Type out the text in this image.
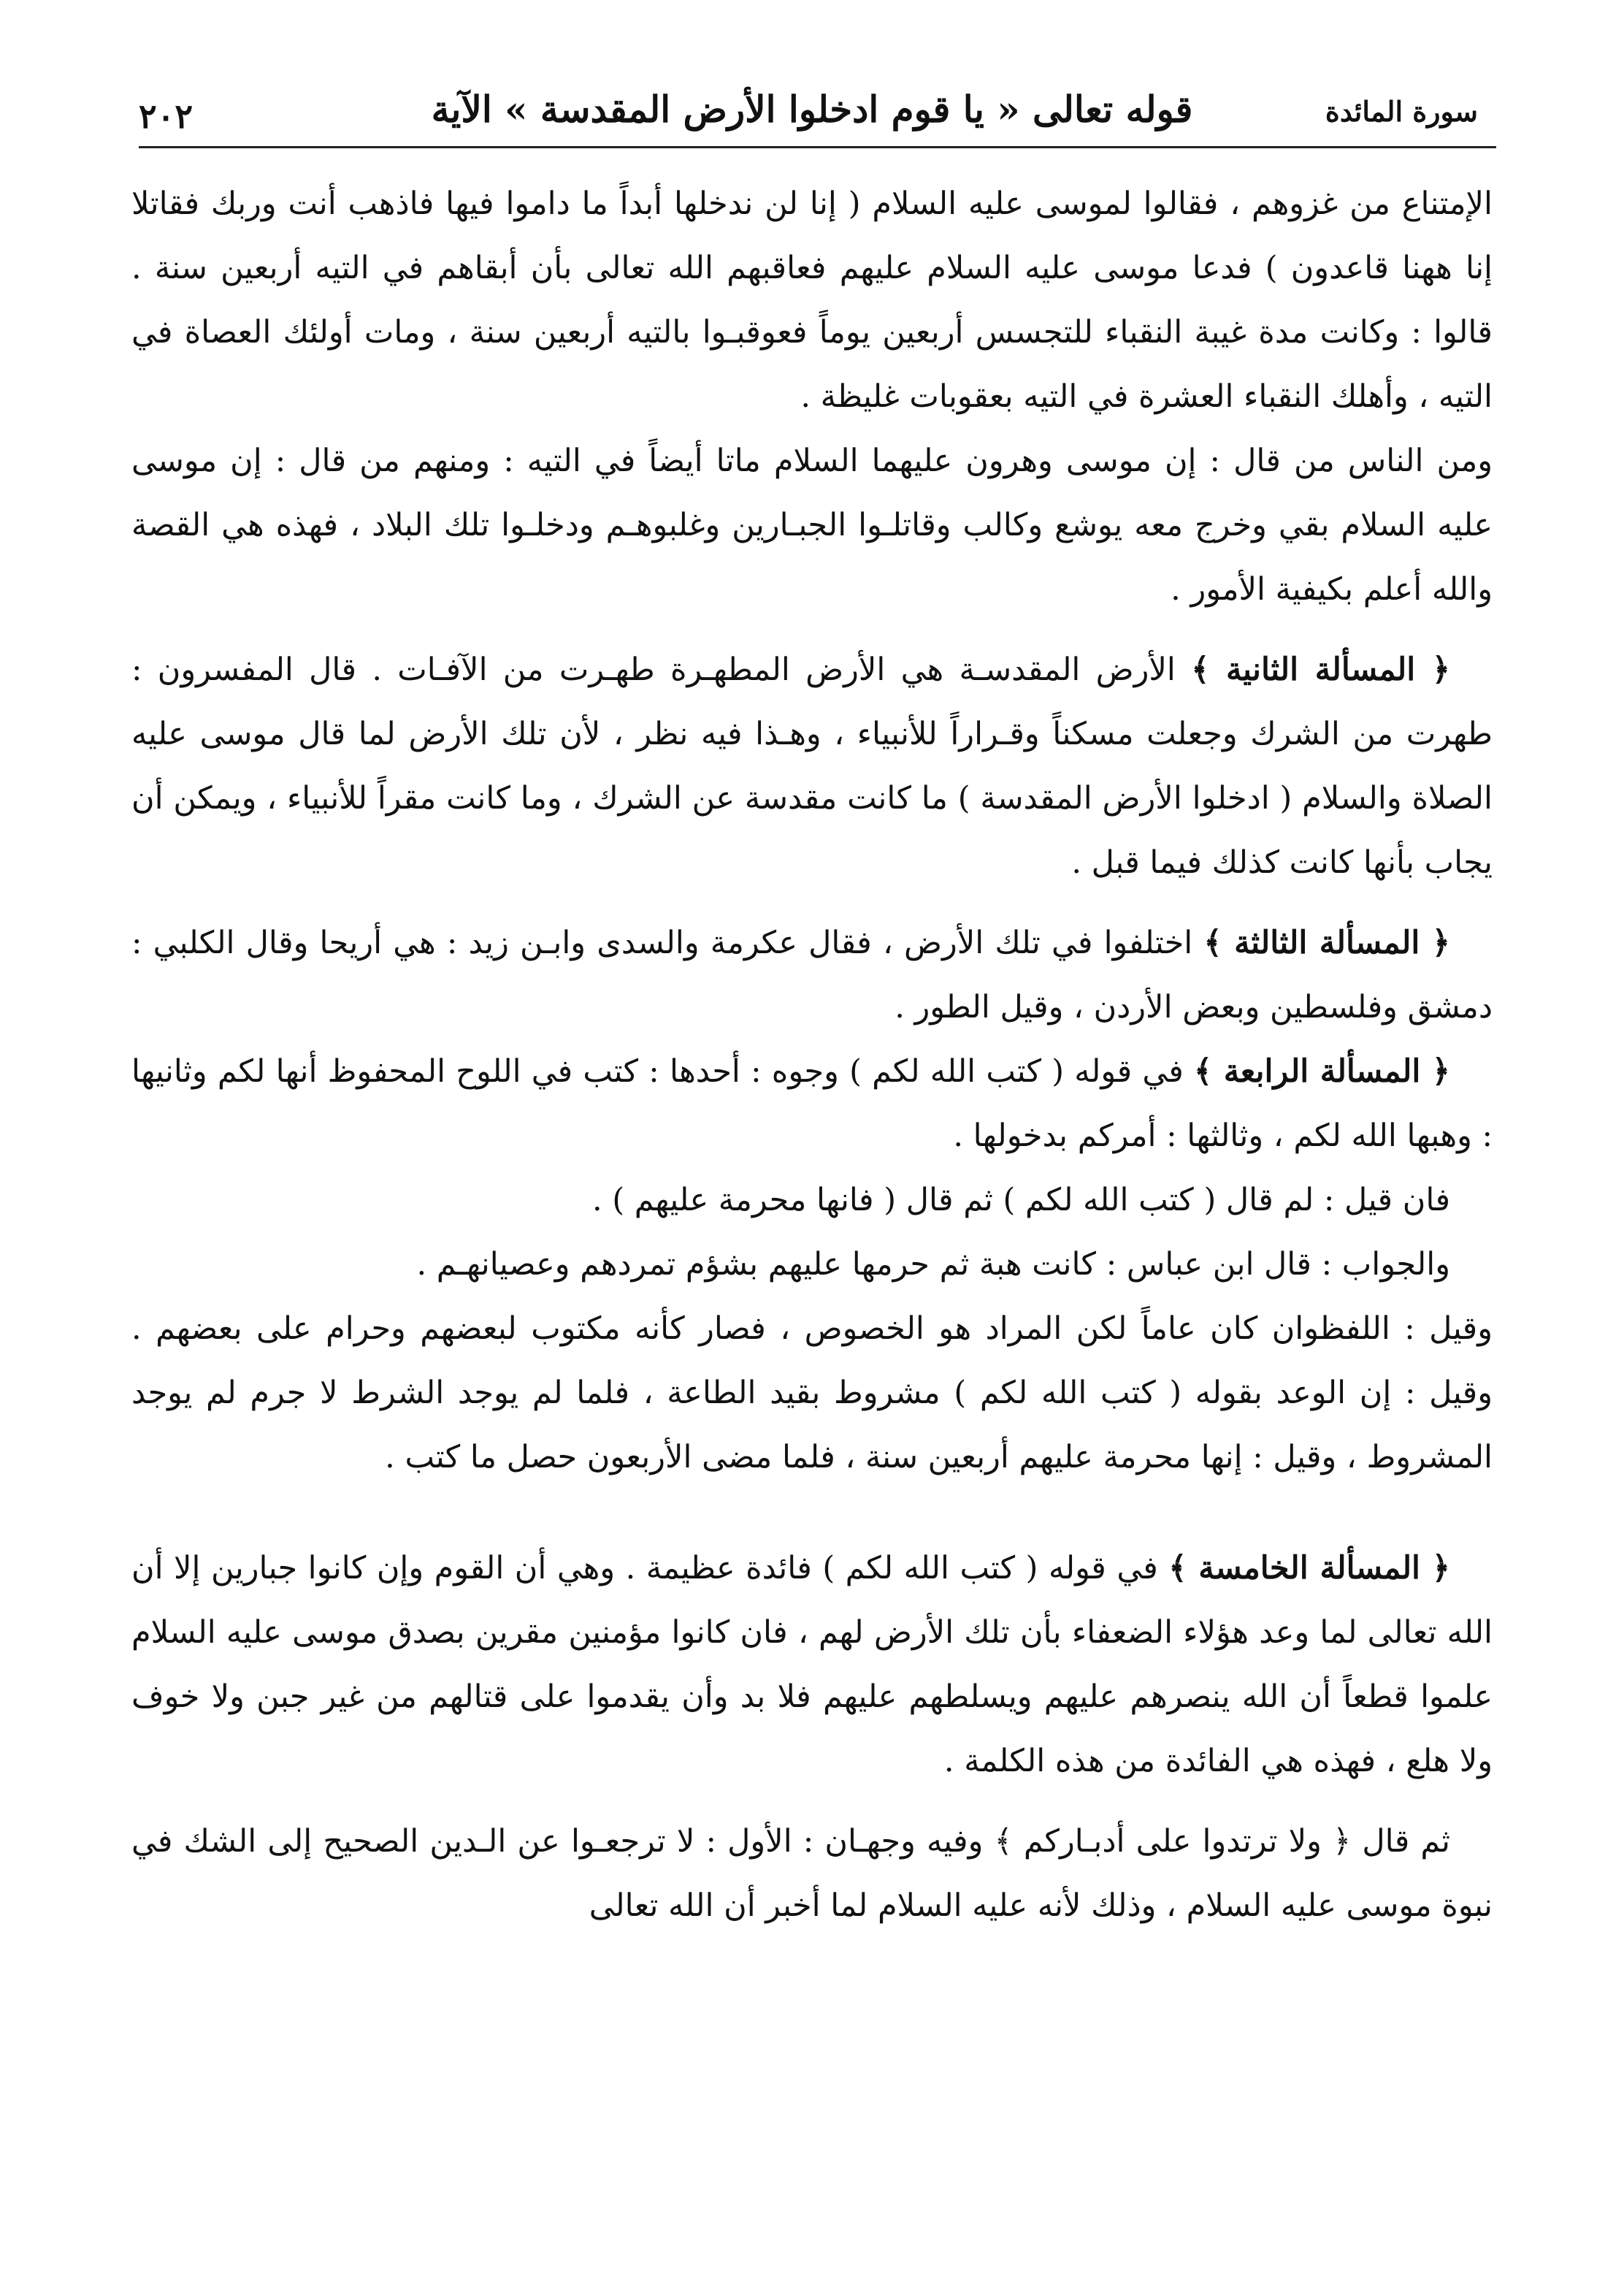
٢٠٢	قوله تعالى « يا قوم ادخلوا الأرض المقدسة » الآية	سورة المائدة

الإمتناع من غزوهم ، فقالوا لموسى عليه السلام ( إنا لن ندخلها أبداً ما داموا فيها فاذهب أنت وربك فقاتلا إنا ههنا قاعدون ) فدعا موسى عليه السلام عليهم فعاقبهم الله تعالى بأن أبقاهم في التيه أربعين سنة . قالوا : وكانت مدة غيبة النقباء للتجسس أربعين يوماً فعوقبـوا بالتيه أربعين سنة ، ومات أولئك العصاة في التيه ، وأهلك النقباء العشرة في التيه بعقوبات غليظة .

ومن الناس من قال : إن موسى وهرون عليهما السلام ماتا أيضاً في التيه : ومنهم من قال : إن موسى عليه السلام بقي وخرج معه يوشع وكالب وقاتلـوا الجبـارين وغلبوهـم ودخلـوا تلك البلاد ، فهذه هي القصة والله أعلم بكيفية الأمور .

﴿ المسألة الثانية ﴾ الأرض المقدسـة هي الأرض المطهـرة طهـرت من الآفـات . قال المفسرون : طهرت من الشرك وجعلت مسكناً وقـراراً للأنبياء ، وهـذا فيه نظر ، لأن تلك الأرض لما قال موسى عليه الصلاة والسلام ( ادخلوا الأرض المقدسة ) ما كانت مقدسة عن الشرك ، وما كانت مقراً للأنبياء ، ويمكن أن يجاب بأنها كانت كذلك فيما قبل .

﴿ المسألة الثالثة ﴾ اختلفوا في تلك الأرض ، فقال عكرمة والسدى وابـن زيد : هي أريحا وقال الكلبي : دمشق وفلسطين وبعض الأردن ، وقيل الطور .

﴿ المسألة الرابعة ﴾ في قوله ( كتب الله لكم ) وجوه : أحدها : كتب في اللوح المحفوظ أنها لكم وثانيها : وهبها الله لكم ، وثالثها : أمركم بدخولها .

فان قيل : لم قال ( كتب الله لكم ) ثم قال ( فانها محرمة عليهم ) .

والجواب : قال ابن عباس : كانت هبة ثم حرمها عليهم بشؤم تمردهم وعصيانهـم .

وقيل : اللفظوان كان عاماً لكن المراد هو الخصوص ، فصار كأنه مكتوب لبعضهم وحرام على بعضهم . وقيل : إن الوعد بقوله ( كتب الله لكم ) مشروط بقيد الطاعة ، فلما لم يوجد الشرط لا جرم لم يوجد المشروط ، وقيل : إنها محرمة عليهم أربعين سنة ، فلما مضى الأربعون حصل ما كتب .

﴿ المسألة الخامسة ﴾ في قوله ( كتب الله لكم ) فائدة عظيمة . وهي أن القوم وإن كانوا جبارين إلا أن الله تعالى لما وعد هؤلاء الضعفاء بأن تلك الأرض لهم ، فان كانوا مؤمنين مقرين بصدق موسى عليه السلام علموا قطعاً أن الله ينصرهم عليهم ويسلطهم عليهم فلا بد وأن يقدموا على قتالهم من غير جبن ولا خوف ولا هلع ، فهذه هي الفائدة من هذه الكلمة .

ثم قال ﴿ ولا ترتدوا على أدبـاركم ﴾ وفيه وجهـان : الأول : لا ترجعـوا عن الـدين الصحيح إلى الشك في نبوة موسى عليه السلام ، وذلك لأنه عليه السلام لما أخبر أن الله تعالى
